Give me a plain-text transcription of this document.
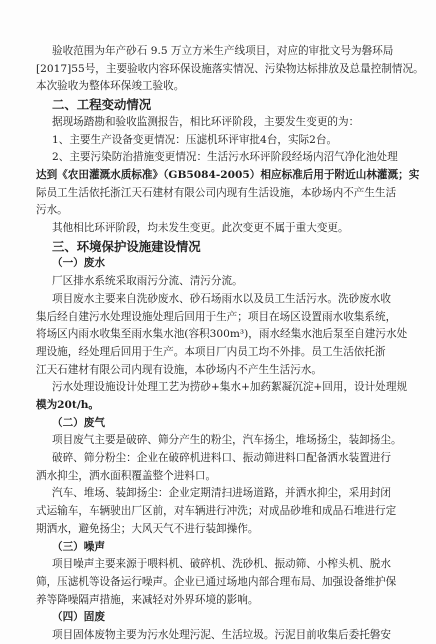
验收范围为年产砂石 9.5 万立方米生产线项目，对应的审批文号为磐环局
[2017]55号，主要验收内容环保设施落实情况、污染物达标排放及总量控制情况。
本次验收为整体环保竣工验收。
二、工程变动情况
据现场踏勘和验收监测报告，相比环评阶段，主要发生变更的为：
1、主要生产设备变更情况：压滤机环评审批4台，实际2台。
2、主要污染防治措施变更情况：生活污水环评阶段经场内沼气净化池处理
达到《农田灌溉水质标准》（GB5084-2005）相应标准后用于附近山林灌溉；实
际员工生活依托浙江天石建材有限公司内现有生活设施，本砂场内不产生生活
污水。
其他相比环评阶段，均未发生变更。此次变更不属于重大变更。
三、环境保护设施建设情况
（一）废水
厂区排水系统采取雨污分流、清污分流。
项目废水主要来自洗砂废水、砂石场雨水以及员工生活污水。洗砂废水收
集后经自建污水处理设施处理后回用于生产；项目在场区设置雨水收集系统，
将场区内雨水收集至雨水集水池(容积300m³)，雨水经集水池后泵至自建污水处
理设施，经处理后回用于生产。本项目厂内员工均不外排。员工生活依托浙
江天石建材有限公司内现有设施，本砂场内不产生生活污水。
污水处理设施设计处理工艺为捞砂+集水+加药絮凝沉淀+回用，设计处理规
模为20t/h。
（二）废气
项目废气主要是破碎、筛分产生的粉尘，汽车扬尘，堆场扬尘，装卸扬尘。
破碎、筛分粉尘：企业在破碎机进料口、振动筛进料口配备洒水装置进行
洒水抑尘，洒水面积覆盖整个进料口。
汽车、堆场、装卸扬尘：企业定期清扫进场道路，并洒水抑尘，采用封闭
式运输车，车辆驶出厂区前，对车辆进行冲洗；对成品砂堆和成品石堆进行定
期洒水，避免扬尘；大风天气不进行装卸操作。
（三）噪声
项目噪声主要来源于喂料机、破碎机、洗砂机、振动筛、小榨头机、脱水
筛，压滤机等设备运行噪声。企业已通过场地内部合理布局、加强设备维护保
养等降噪隔声措施，来减轻对外界环境的影响。
（四）固废
项目固体废物主要为污水处理污泥、生活垃圾。污泥目前收集后委托磐安
